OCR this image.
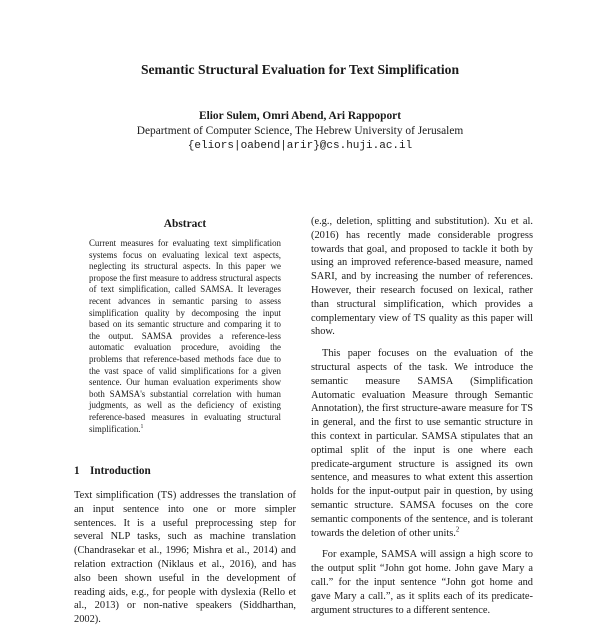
Semantic Structural Evaluation for Text Simplification
Elior Sulem, Omri Abend, Ari Rappoport
Department of Computer Science, The Hebrew University of Jerusalem
{eliors|oabend|arir}@cs.huji.ac.il
Abstract

Current measures for evaluating text simplification systems focus on evaluating lexical text aspects, neglecting its structural aspects. In this paper we propose the first measure to address structural aspects of text simplification, called SAMSA. It leverages recent advances in semantic parsing to assess simplification quality by decomposing the input based on its semantic structure and comparing it to the output. SAMSA provides a reference-less automatic evaluation procedure, avoiding the problems that reference-based methods face due to the vast space of valid simplifications for a given sentence. Our human evaluation experiments show both SAMSA's substantial correlation with human judgments, as well as the deficiency of existing reference-based measures in evaluating structural simplification.$^1$

1 Introduction

Text simplification (TS) addresses the translation of an input sentence into one or more simpler sentences. It is a useful preprocessing step for several NLP tasks, such as machine translation (Chandrasekar et al., 1996; Mishra et al., 2014) and relation extraction (Niklaus et al., 2016), and has also been shown useful in the development of reading aids, e.g., for people with dyslexia (Rello et al., 2013) or non-native speakers (Siddharthan, 2002).

(e.g., deletion, splitting and substitution). Xu et al. (2016) has recently made considerable progress towards that goal, and proposed to tackle it both by using an improved reference-based measure, named SARI, and by increasing the number of references. However, their research focused on lexical, rather than structural simplification, which provides a complementary view of TS quality as this paper will show.

This paper focuses on the evaluation of the structural aspects of the task. We introduce the semantic measure SAMSA (Simplification Automatic evaluation Measure through Semantic Annotation), the first structure-aware measure for TS in general, and the first to use semantic structure in this context in particular. SAMSA stipulates that an optimal split of the input is one where each predicate-argument structure is assigned its own sentence, and measures to what extent this assertion holds for the input-output pair in question, by using semantic structure. SAMSA focuses on the core semantic components of the sentence, and is tolerant towards the deletion of other units.$^2$

For example, SAMSA will assign a high score to the output split “John got home. John gave Mary a call.” for the input sentence “John got home and gave Mary a call.”, as it splits each of its predicate-argument structures to a different sentence.
